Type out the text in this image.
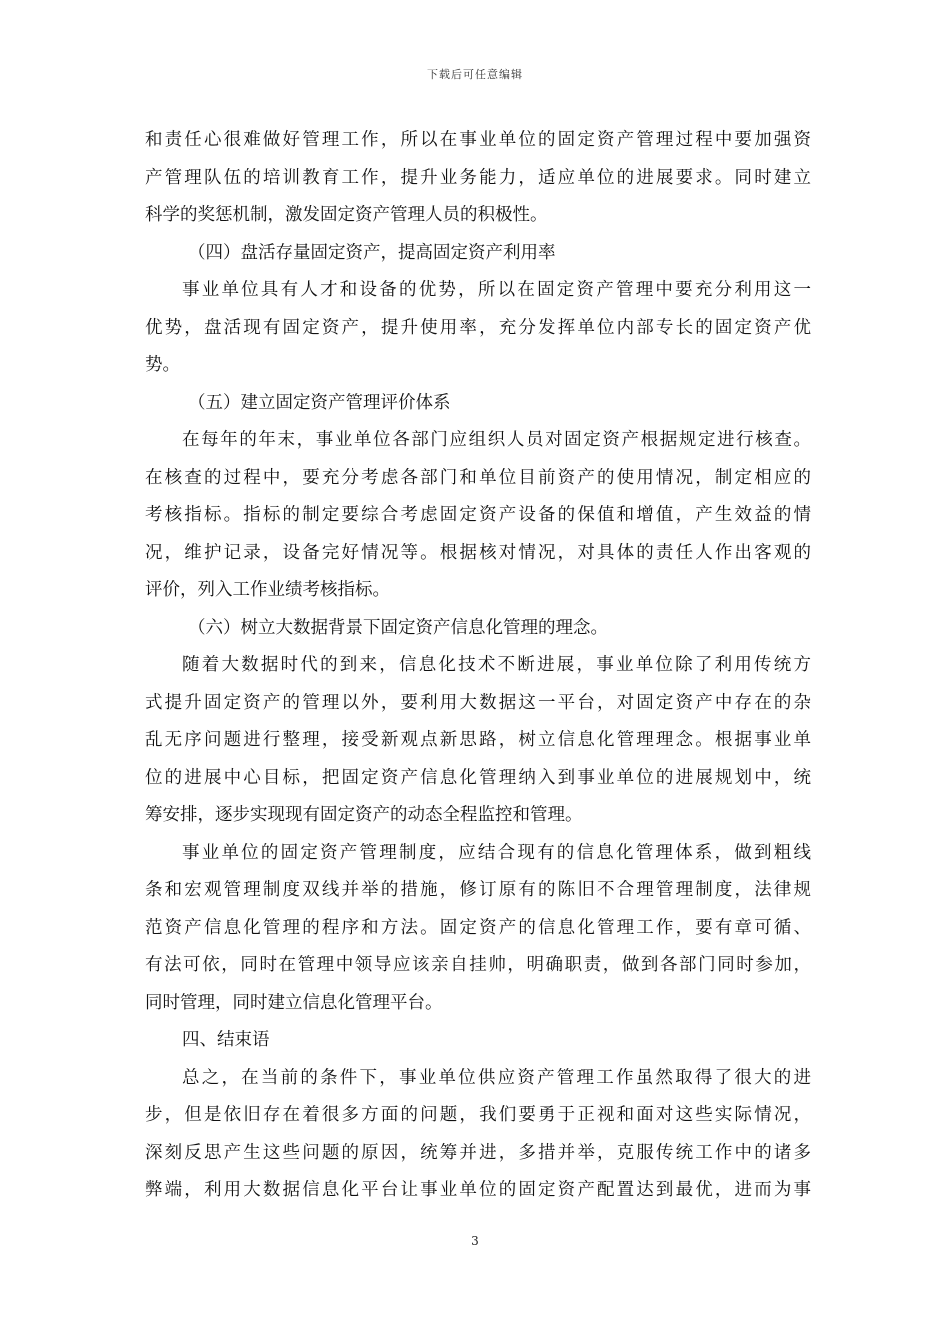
下载后可任意编辑
和责任心很难做好管理工作，所以在事业单位的固定资产管理过程中要加强资
产管理队伍的培训教育工作，提升业务能力，适应单位的进展要求。同时建立
科学的奖惩机制，激发固定资产管理人员的积极性。
（四）盘活存量固定资产，提高固定资产利用率
事业单位具有人才和设备的优势，所以在固定资产管理中要充分利用这一
优势，盘活现有固定资产，提升使用率，充分发挥单位内部专长的固定资产优
势。
（五）建立固定资产管理评价体系
在每年的年末，事业单位各部门应组织人员对固定资产根据规定进行核查。
在核查的过程中，要充分考虑各部门和单位目前资产的使用情况，制定相应的
考核指标。指标的制定要综合考虑固定资产设备的保值和增值，产生效益的情
况，维护记录，设备完好情况等。根据核对情况，对具体的责任人作出客观的
评价，列入工作业绩考核指标。
（六）树立大数据背景下固定资产信息化管理的理念。
随着大数据时代的到来，信息化技术不断进展，事业单位除了利用传统方
式提升固定资产的管理以外，要利用大数据这一平台，对固定资产中存在的杂
乱无序问题进行整理，接受新观点新思路，树立信息化管理理念。根据事业单
位的进展中心目标，把固定资产信息化管理纳入到事业单位的进展规划中，统
筹安排，逐步实现现有固定资产的动态全程监控和管理。
事业单位的固定资产管理制度，应结合现有的信息化管理体系，做到粗线
条和宏观管理制度双线并举的措施，修订原有的陈旧不合理管理制度，法律规
范资产信息化管理的程序和方法。固定资产的信息化管理工作，要有章可循、
有法可依，同时在管理中领导应该亲自挂帅，明确职责，做到各部门同时参加，
同时管理，同时建立信息化管理平台。
四、结束语
总之，在当前的条件下，事业单位供应资产管理工作虽然取得了很大的进
步，但是依旧存在着很多方面的问题，我们要勇于正视和面对这些实际情况，
深刻反思产生这些问题的原因，统筹并进，多措并举，克服传统工作中的诸多
弊端，利用大数据信息化平台让事业单位的固定资产配置达到最优，进而为事
3
